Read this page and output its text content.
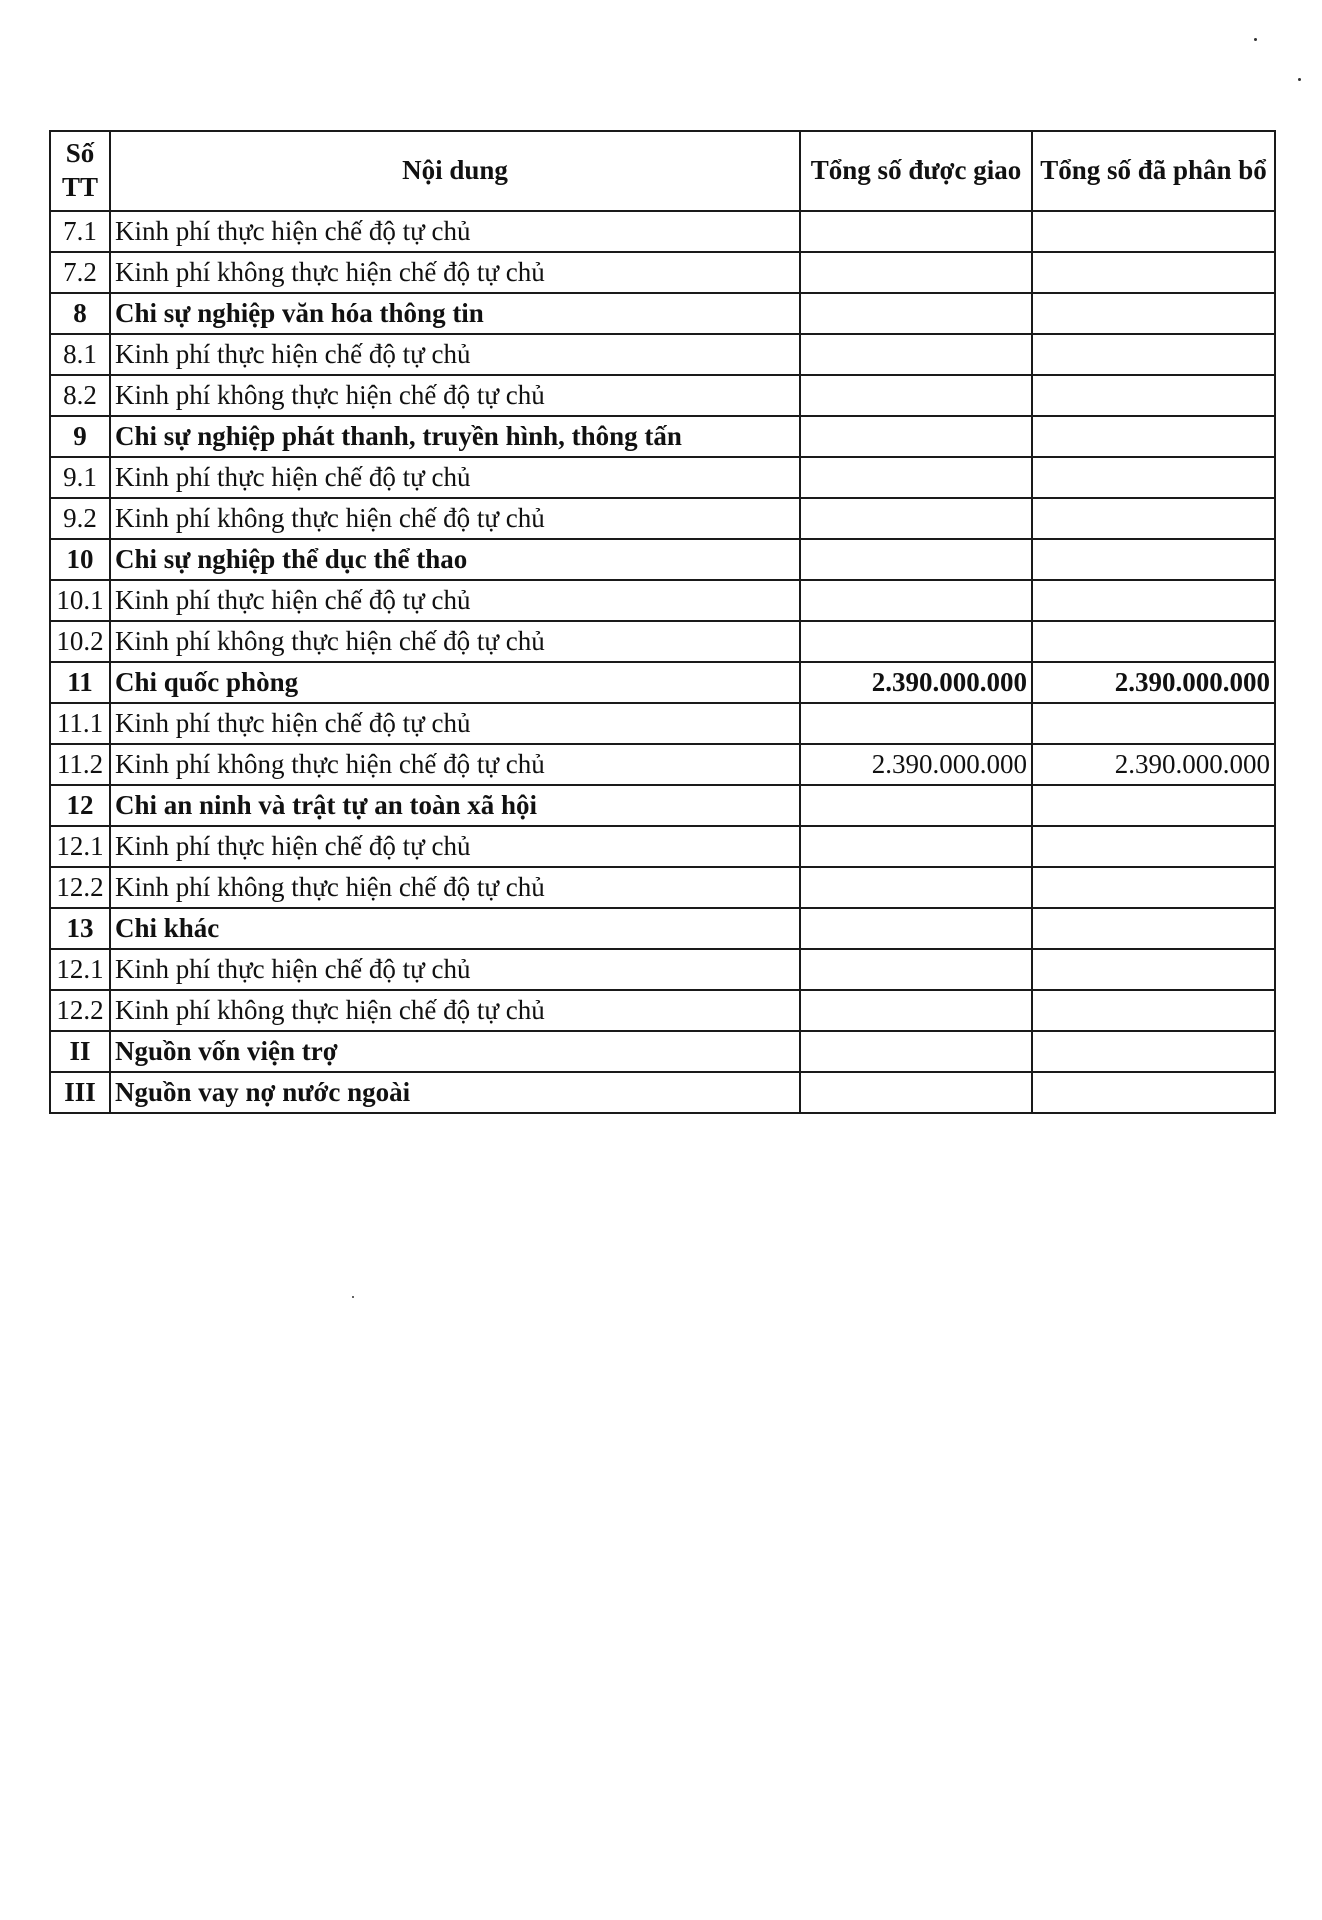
Số TT	Nội dung	Tổng số được giao	Tổng số đã phân bổ
7.1	Kinh phí thực hiện chế độ tự chủ		
7.2	Kinh phí không thực hiện chế độ tự chủ		
8	Chi sự nghiệp văn hóa thông tin		
8.1	Kinh phí thực hiện chế độ tự chủ		
8.2	Kinh phí không thực hiện chế độ tự chủ		
9	Chi sự nghiệp phát thanh, truyền hình, thông tấn		
9.1	Kinh phí thực hiện chế độ tự chủ		
9.2	Kinh phí không thực hiện chế độ tự chủ		
10	Chi sự nghiệp thể dục thể thao		
10.1	Kinh phí thực hiện chế độ tự chủ		
10.2	Kinh phí không thực hiện chế độ tự chủ		
11	Chi quốc phòng	2.390.000.000	2.390.000.000
11.1	Kinh phí thực hiện chế độ tự chủ		
11.2	Kinh phí không thực hiện chế độ tự chủ	2.390.000.000	2.390.000.000
12	Chi an ninh và trật tự an toàn xã hội		
12.1	Kinh phí thực hiện chế độ tự chủ		
12.2	Kinh phí không thực hiện chế độ tự chủ		
13	Chi khác		
12.1	Kinh phí thực hiện chế độ tự chủ		
12.2	Kinh phí không thực hiện chế độ tự chủ		
II	Nguồn vốn viện trợ		
III	Nguồn vay nợ nước ngoài		
